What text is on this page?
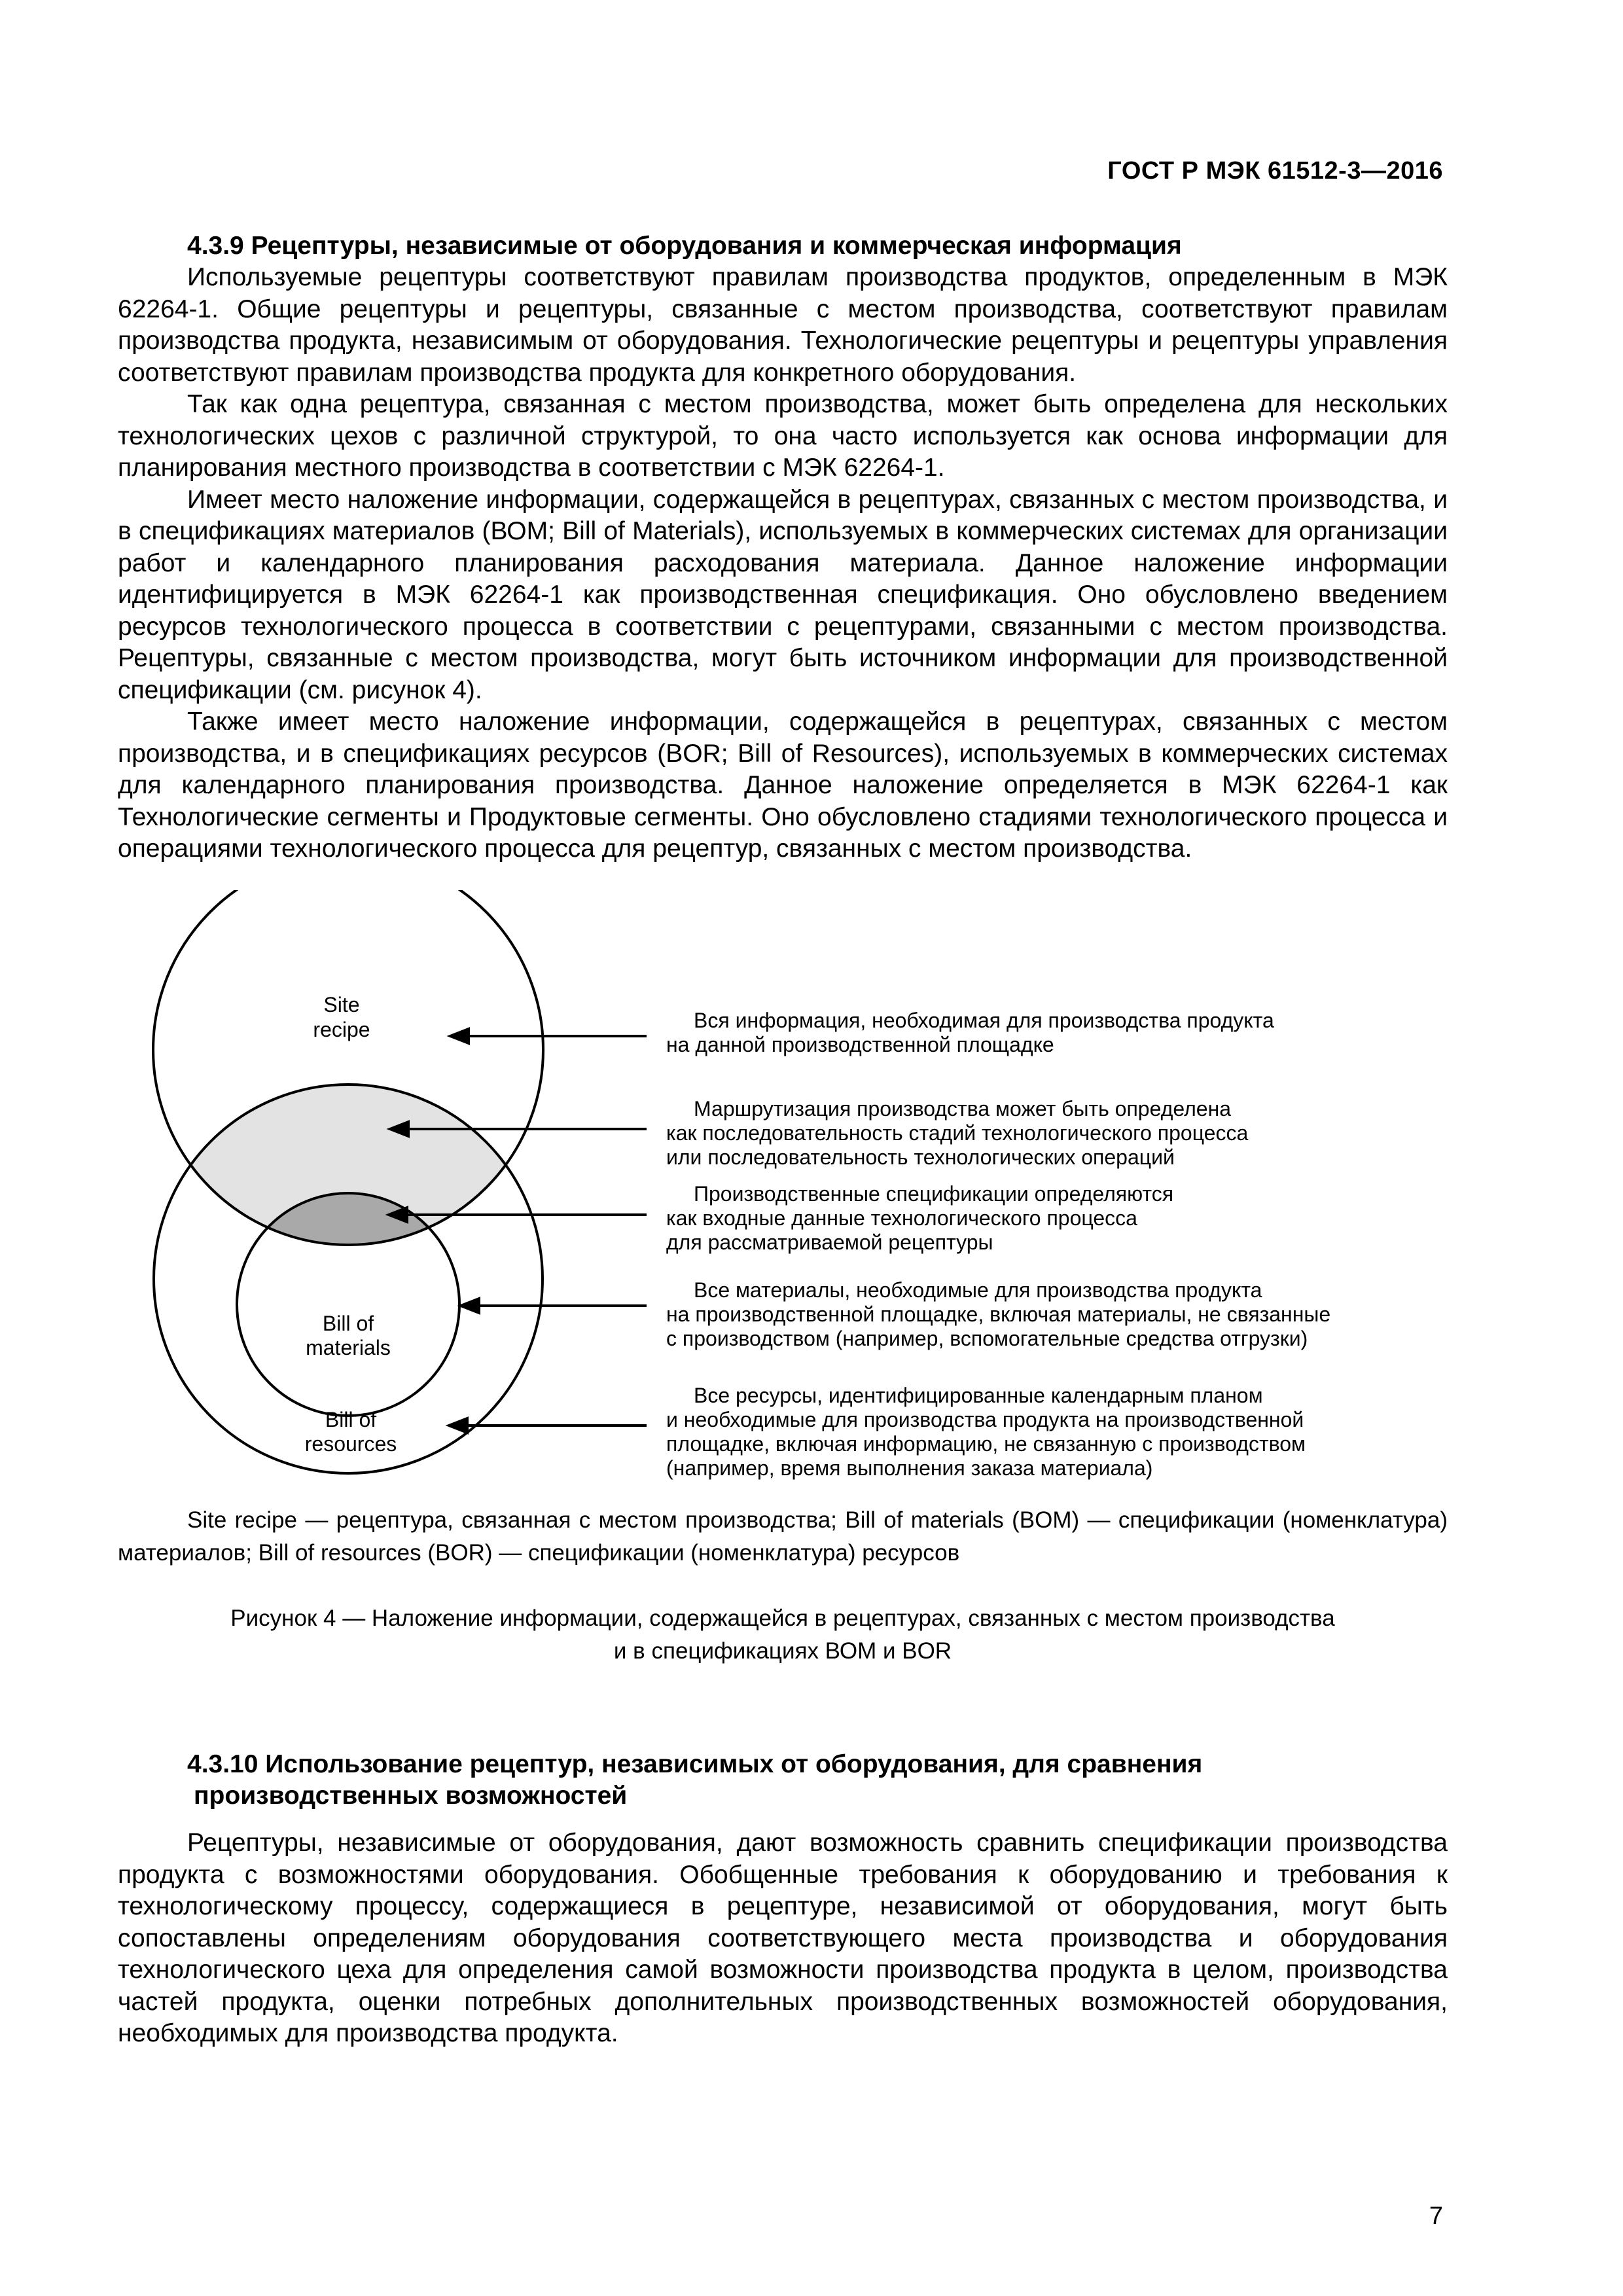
ГОСТ Р МЭК 61512-3—2016

4.3.9 Рецептуры, независимые от оборудования и коммерческая информация

Используемые рецептуры соответствуют правилам производства продуктов, определенным в МЭК 62264-1. Общие рецептуры и рецептуры, связанные с местом производства, соответствуют правилам производства продукта, независимым от оборудования. Технологические рецептуры и рецептуры управления соответствуют правилам производства продукта для конкретного оборудования.

Так как одна рецептура, связанная с местом производства, может быть определена для нескольких технологических цехов с различной структурой, то она часто используется как основа информации для планирования местного производства в соответствии с МЭК 62264-1.

Имеет место наложение информации, содержащейся в рецептурах, связанных с местом производства, и в спецификациях материалов (ВОМ; Bill of Materials), используемых в коммерческих системах для организации работ и календарного планирования расходования материала. Данное наложение информации идентифицируется в МЭК 62264-1 как производственная спецификация. Оно обусловлено введением ресурсов технологического процесса в соответствии с рецептурами, связанными с местом производства. Рецептуры, связанные с местом производства, могут быть источником информации для производственной спецификации (см. рисунок 4).

Также имеет место наложение информации, содержащейся в рецептурах, связанных с местом производства, и в спецификациях ресурсов (BOR; Bill of Resources), используемых в коммерческих системах для календарного планирования производства. Данное наложение определяется в МЭК 62264-1 как Технологические сегменты и Продуктовые сегменты. Оно обусловлено стадиями технологического процесса и операциями технологического процесса для рецептур, связанных с местом производства.

Site
recipe
Bill of
materials
Bill of
resources
Вся информация, необходимая для производства продукта
на данной производственной площадке
Маршрутизация производства может быть определена
как последовательность стадий технологического процесса
или последовательность технологических операций
Производственные спецификации определяются
как входные данные технологического процесса
для рассматриваемой рецептуры
Все материалы, необходимые для производства продукта
на производственной площадке, включая материалы, не связанные
с производством (например, вспомогательные средства отгрузки)
Все ресурсы, идентифицированные календарным планом
и необходимые для производства продукта на производственной
площадке, включая информацию, не связанную с производством
(например, время выполнения заказа материала)

Site recipe — рецептура, связанная с местом производства; Bill of materials (BOM) — спецификации (номенклатура) материалов; Bill of resources (BOR) — спецификации (номенклатура) ресурсов

Рисунок 4 — Наложение информации, содержащейся в рецептурах, связанных с местом производства
и в спецификациях ВОМ и BOR

4.3.10 Использование рецептур, независимых от оборудования, для сравнения
производственных возможностей

Рецептуры, независимые от оборудования, дают возможность сравнить спецификации производства продукта с возможностями оборудования. Обобщенные требования к оборудованию и требования к технологическому процессу, содержащиеся в рецептуре, независимой от оборудования, могут быть сопоставлены определениям оборудования соответствующего места производства и оборудования технологического цеха для определения самой возможности производства продукта в целом, производства частей продукта, оценки потребных дополнительных производственных возможностей оборудования, необходимых для производства продукта.

7
